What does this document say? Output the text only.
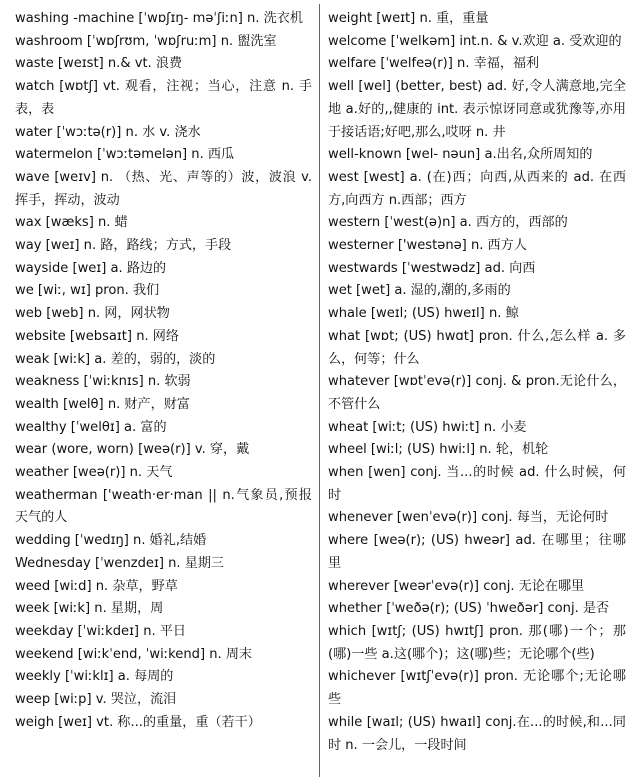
washing -machine [ˈwɒʃɪŋ- məˈʃiːn] n. 洗衣机
washroom [ˈwɒʃrʊm, ˈwɒʃruːm] n. 盥洗室
waste [weɪst] n.& vt. 浪费
watch [wɒtʃ] vt. 观看，注视；当心，注意 n. 手表，表
water [ˈwɔːtə(r)] n. 水 v. 浇水
watermelon [ˈwɔːtəmelən] n. 西瓜
wave [weɪv] n. （热、光、声等的）波，波浪 v. 挥手，挥动，波动
wax [wæks] n. 蜡
way [weɪ] n. 路，路线；方式，手段
wayside [weɪ] a. 路边的
we [wiː, wɪ] pron. 我们
web [web] n. 网，网状物
website [websaɪt] n. 网络
weak [wiːk] a. 差的，弱的，淡的
weakness [ˈwiːknɪs] n. 软弱
wealth [welθ] n. 财产，财富
wealthy [ˈwelθɪ] a. 富的
wear (wore, worn) [weə(r)] v. 穿，戴
weather [weə(r)] n. 天气
weatherman ['weath·er·man || n.气象员,预报天气的人
wedding [ˈwedɪŋ] n. 婚礼,结婚
Wednesday [ˈwenzdeɪ] n. 星期三
weed [wiːd] n. 杂草，野草
week [wiːk] n. 星期，周
weekday [ˈwiːkdeɪ] n. 平日
weekend [wiːkˈend, ˈwiːkend] n. 周末
weekly [ˈwiːklɪ] a. 每周的
weep [wiːp] v. 哭泣，流泪
weigh [weɪ] vt. 称...的重量，重（若干）
weight [weɪt] n. 重，重量
welcome [ˈwelkəm] int.n. & v.欢迎 a. 受欢迎的
welfare [ˈwelfeə(r)] n. 幸福，福利
well [wel] (better, best) ad. 好,令人满意地,完全地 a.好的,,健康的 int. 表示惊讶同意或犹豫等,亦用于接话语;好吧,那么,哎呀 n. 井
well-known [wel- nəun] a.出名,众所周知的
west [west] a. (在)西；向西,从西来的 ad. 在西方,向西方 n.西部；西方
western [ˈwest(ə)n] a. 西方的，西部的
westerner ['westənə] n. 西方人
westwards [ˈwestwədz] ad. 向西
wet [wet] a. 湿的,潮的,多雨的
whale [weɪl; (US) hweɪl] n. 鲸
what [wɒt; (US) hwɑt] pron. 什么,怎么样 a. 多么，何等；什么
whatever [wɒtˈevə(r)] conj. & pron.无论什么，不管什么
wheat [wiːt; (US) hwiːt] n. 小麦
wheel [wiːl; (US) hwiːl] n. 轮，机轮
when [wen] conj. 当...的时候 ad. 什么时候，何时
whenever [wenˈevə(r)] conj. 每当，无论何时
where [weə(r); (US) hweər] ad. 在哪里；往哪里
wherever [weərˈevə(r)] conj. 无论在哪里
whether [ˈweðə(r); (US) ˈhweðər] conj. 是否
which [wɪtʃ; (US) hwɪtʃ] pron. 那(哪)一个；那(哪)一些 a.这(哪个)；这(哪)些；无论哪个(些)
whichever [wɪtʃˈevə(r)] pron. 无论哪个;无论哪些
while [waɪl; (US) hwaɪl] conj.在...的时候,和...同时 n. 一会儿，一段时间
